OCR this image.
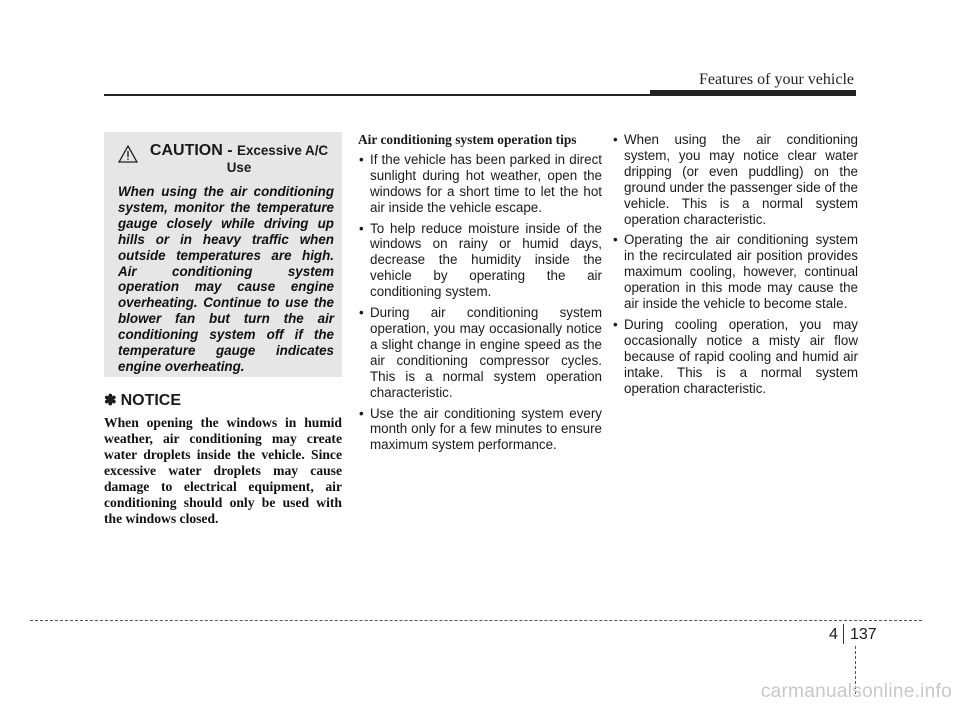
Features of your vehicle
CAUTION - Excessive A/C
Use

When using the air conditioning system, monitor the temperature gauge closely while driving up hills or in heavy traffic when outside temperatures are high. Air conditioning system operation may cause engine overheating. Continue to use the blower fan but turn the air conditioning system off if the temperature gauge indicates engine overheating.

✽ NOTICE
When opening the windows in humid weather, air conditioning may create water droplets inside the vehicle. Since excessive water droplets may cause damage to electrical equipment, air conditioning should only be used with the windows closed.
Air conditioning system operation tips
• If the vehicle has been parked in direct sunlight during hot weather, open the windows for a short time to let the hot air inside the vehicle escape.
• To help reduce moisture inside of the windows on rainy or humid days, decrease the humidity inside the vehicle by operating the air conditioning system.
• During air conditioning system operation, you may occasionally notice a slight change in engine speed as the air conditioning compressor cycles. This is a normal system operation characteristic.
• Use the air conditioning system every month only for a few minutes to ensure maximum system performance.
• When using the air conditioning system, you may notice clear water dripping (or even puddling) on the ground under the passenger side of the vehicle. This is a normal system operation characteristic.
• Operating the air conditioning system in the recirculated air position provides maximum cooling, however, continual operation in this mode may cause the air inside the vehicle to become stale.
• During cooling operation, you may occasionally notice a misty air flow because of rapid cooling and humid air intake. This is a normal system operation characteristic.
4 137
carmanualsonline.info
